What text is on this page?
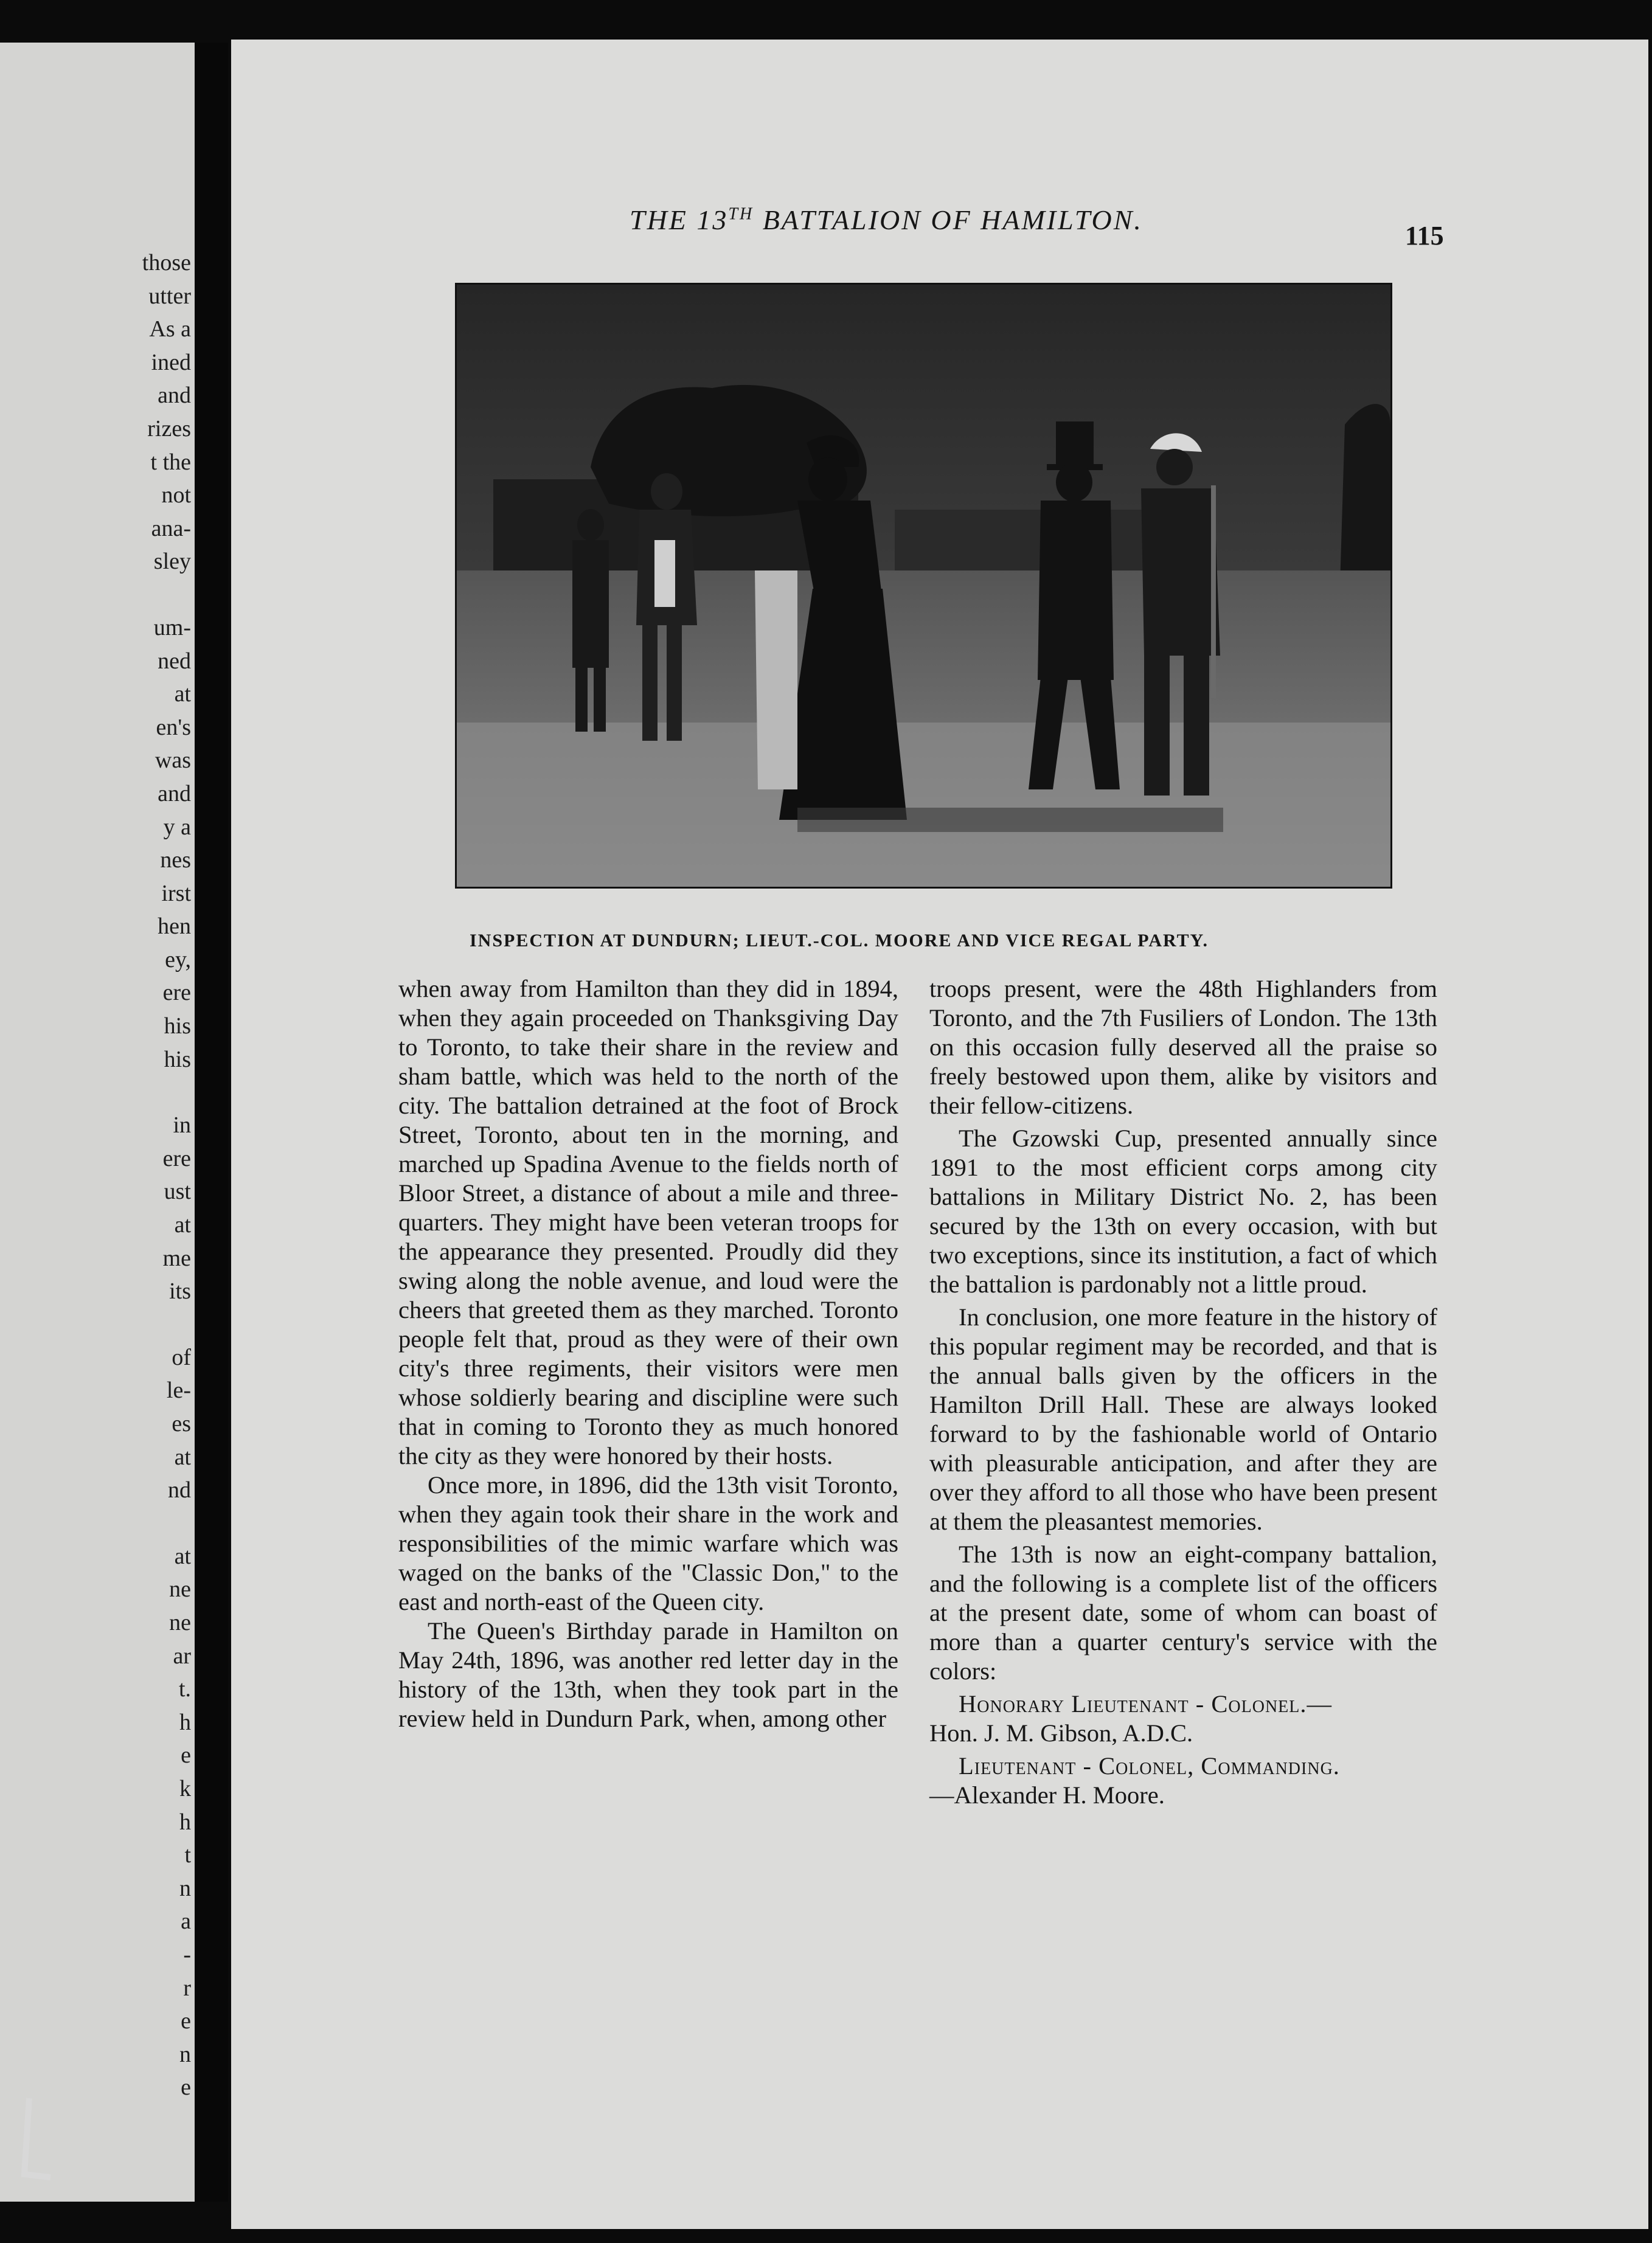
those
utter
As a
ined
and
rizes
t the
not
ana-
sley
um-
ned
at
en's
was
and
y a
nes
irst
hen
ey,
ere
his
his
in
ere
ust
at
me
its
of
le-
es
at
nd
at
ne
ne
ar
t.
h
e
k
h
t
n
a
-
r
e
n
e
THE 13TH BATTALION OF HAMILTON.
115
INSPECTION AT DUNDURN; LIEUT.-COL. MOORE AND VICE REGAL PARTY.

when away from Hamilton than they did in 1894, when they again proceeded on Thanksgiving Day to Toronto, to take their share in the review and sham battle, which was held to the north of the city. The battalion detrained at the foot of Brock Street, Toronto, about ten in the morning, and marched up Spadina Avenue to the fields north of Bloor Street, a distance of about a mile and three-quarters. They might have been veteran troops for the appearance they presented. Proudly did they swing along the noble avenue, and loud were the cheers that greeted them as they marched. Toronto people felt that, proud as they were of their own city's three regiments, their visitors were men whose soldierly bearing and discipline were such that in coming to Toronto they as much honored the city as they were honored by their hosts.

Once more, in 1896, did the 13th visit Toronto, when they again took their share in the work and responsibilities of the mimic warfare which was waged on the banks of the "Classic Don," to the east and north-east of the Queen city.

The Queen's Birthday parade in Hamilton on May 24th, 1896, was another red letter day in the history of the 13th, when they took part in the review held in Dundurn Park, when, among other

troops present, were the 48th Highlanders from Toronto, and the 7th Fusiliers of London. The 13th on this occasion fully deserved all the praise so freely bestowed upon them, alike by visitors and their fellow-citizens.

The Gzowski Cup, presented annually since 1891 to the most efficient corps among city battalions in Military District No. 2, has been secured by the 13th on every occasion, with but two exceptions, since its institution, a fact of which the battalion is pardonably not a little proud.

In conclusion, one more feature in the history of this popular regiment may be recorded, and that is the annual balls given by the officers in the Hamilton Drill Hall. These are always looked forward to by the fashionable world of Ontario with pleasurable anticipation, and after they are over they afford to all those who have been present at them the pleasantest memories.

The 13th is now an eight-company battalion, and the following is a complete list of the officers at the present date, some of whom can boast of more than a quarter century's service with the colors:

Honorary Lieutenant - Colonel.—
Hon. J. M. Gibson, A.D.C.

Lieutenant - Colonel, Commanding.
—Alexander H. Moore.
